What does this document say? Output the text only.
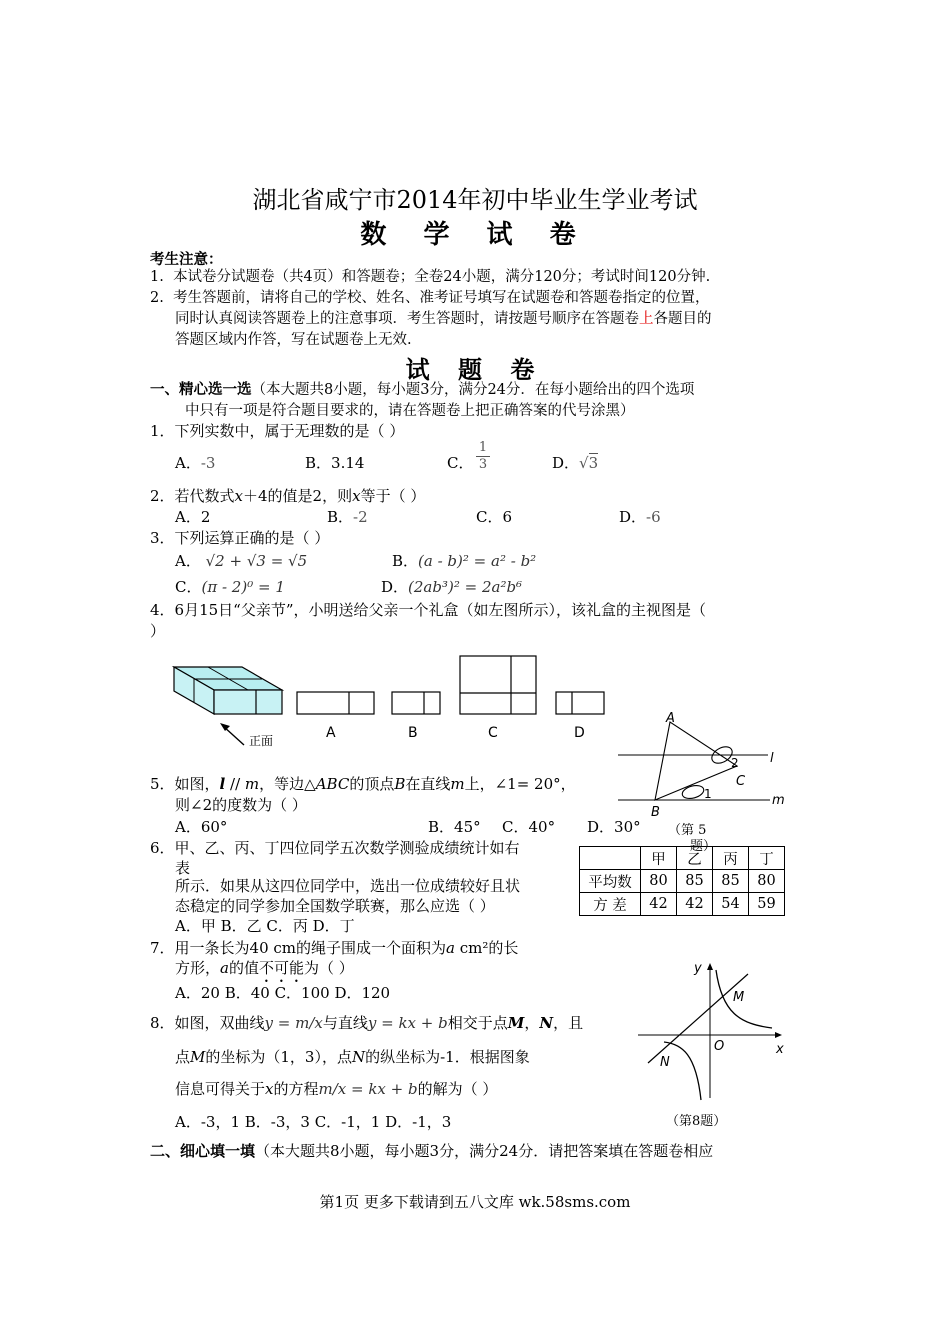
湖北省咸宁市2014年初中毕业生学业考试
数 学 试 卷
考生注意：
1. 本试卷分试题卷（共4页）和答题卷；全卷24小题，满分120分；考试时间120分钟.
2. 考生答题前，请将自己的学校、姓名、准考证号填写在试题卷和答题卷指定的位置，
同时认真阅读答题卷上的注意事项．考生答题时，请按题号顺序在答题卷上各题目的
答题区域内作答，写在试题卷上无效.
试 题 卷
一、精心选一选（本大题共8小题，每小题3分，满分24分．在每小题给出的四个选项
中只有一项是符合题目要求的，请在答题卷上把正确答案的代号涂黑）
1．下列实数中，属于无理数的是（ ）
A．-3	B．3.14	C． $\frac{1}{3}$	D．√3
2．若代数式x＋4的值是2，则x等于（ ）
A．2	B．-2	C．6	D．-6
3．下列运算正确的是（ ）
A． √2 + √3 = √5	B．(a - b)² = a² - b²
C．(π - 2)⁰ = 1	D．(2ab³)² = 2a²b⁶
4．6月15日“父亲节”，小明送给父亲一个礼盒（如左图所示），该礼盒的主视图是（
）
正面	A	B	C	D
A
B
C
l
m
1
2
（第 5
题）
5．如图，l // m，等边△ABC的顶点B在直线m上，∠1= 20°，
则∠2的度数为（ ）
A．60°	B．45° C．40° D．30°
6．甲、乙、丙、丁四位同学五次数学测验成绩统计如右
表
所示．如果从这四位同学中，选出一位成绩较好且状
态稳定的同学参加全国数学联赛，那么应选（ ）
A．甲 B．乙 C．丙 D．丁
	甲	乙	丙	丁
平均数	80	85	85	80
方 差	42	42	54	59
7．用一条长为40 cm的绳子围成一个面积为a cm²的长
方形，a的值不可能为（ ）
A．20 B．40 C．100 D．120
y
x
O
M
N
（第8题）
8．如图，双曲线y = m/x与直线y = kx + b相交于点M，N，且
点M的坐标为（1，3），点N的纵坐标为-1．根据图象
信息可得关于x的方程m/x = kx + b的解为（ ）
A．-3，1 B．-3，3 C．-1，1 D．-1，3
二、细心填一填（本大题共8小题，每小题3分，满分24分．请把答案填在答题卷相应
第1页 更多下载请到五八文库 wk.58sms.com
